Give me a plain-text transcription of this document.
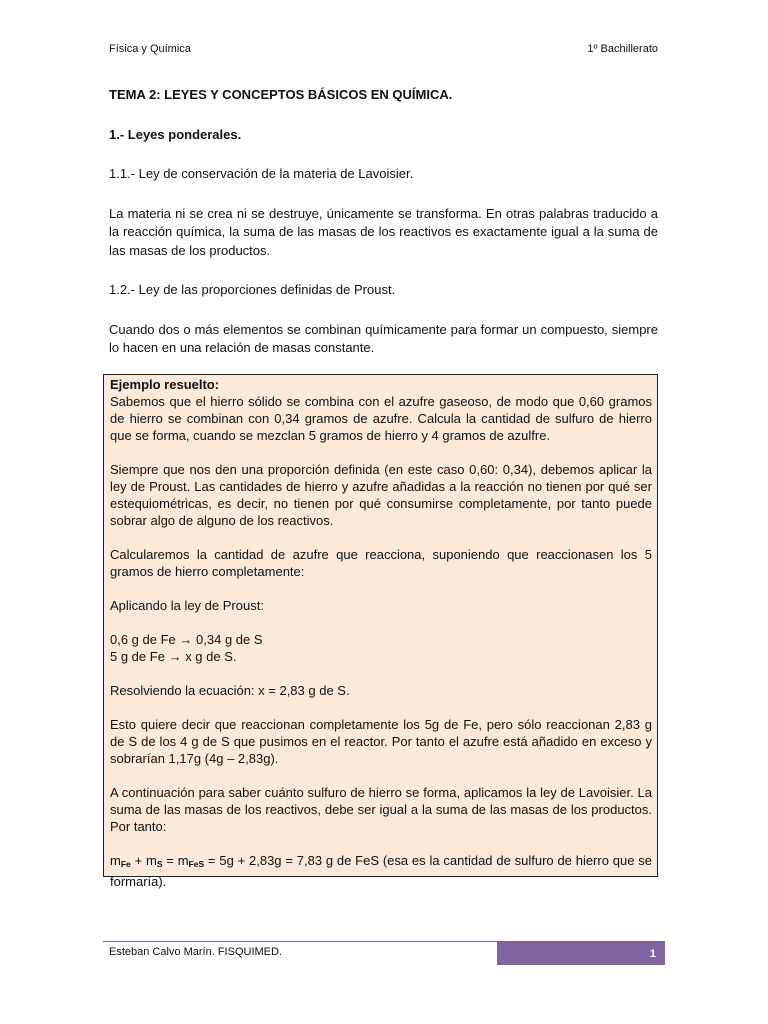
Física y Química	1º Bachillerato

TEMA 2: LEYES Y CONCEPTOS BÁSICOS EN QUÍMICA.

1.- Leyes ponderales.

1.1.- Ley de conservación de la materia de Lavoisier.

La materia ni se crea ni se destruye, únicamente se transforma. En otras palabras traducido a la reacción química, la suma de las masas de los reactivos es exactamente igual a la suma de las masas de los productos.

1.2.- Ley de las proporciones definidas de Proust.

Cuando dos o más elementos se combinan químicamente para formar un compuesto, siempre lo hacen en una relación de masas constante.

Ejemplo resuelto:

Sabemos que el hierro sólido se combina con el azufre gaseoso, de modo que 0,60 gramos de hierro se combinan con 0,34 gramos de azufre. Calcula la cantidad de sulfuro de hierro que se forma, cuando se mezclan 5 gramos de hierro y 4 gramos de azulfre.

Siempre que nos den una proporción definida (en este caso 0,60: 0,34), debemos aplicar la ley de Proust. Las cantidades de hierro y azufre añadidas a la reacción no tienen por qué ser estequiométricas, es decir, no tienen por qué consumirse completamente, por tanto puede sobrar algo de alguno de los reactivos.

Calcularemos la cantidad de azufre que reacciona, suponiendo que reaccionasen los 5 gramos de hierro completamente:

Aplicando la ley de Proust:

0,6 g de Fe → 0,34 g de S

5 g de Fe → x g de S.

Resolviendo la ecuación: x = 2,83 g de S.

Esto quiere decir que reaccionan completamente los 5g de Fe, pero sólo reaccionan 2,83 g de S de los 4 g de S que pusimos en el reactor. Por tanto el azufre está añadido en exceso y sobrarían 1,17g (4g – 2,83g).

A continuación para saber cuánto sulfuro de hierro se forma, aplicamos la ley de Lavoisier. La suma de las masas de los reactivos, debe ser igual a la suma de las masas de los productos. Por tanto:

$m_{Fe} + m_S = m_{FeS} = 5g + 2,83g = 7,83$ g de FeS (esa es la cantidad de sulfuro de hierro que se formaría).

Esteban Calvo Marín. FISQUIMED.	1
